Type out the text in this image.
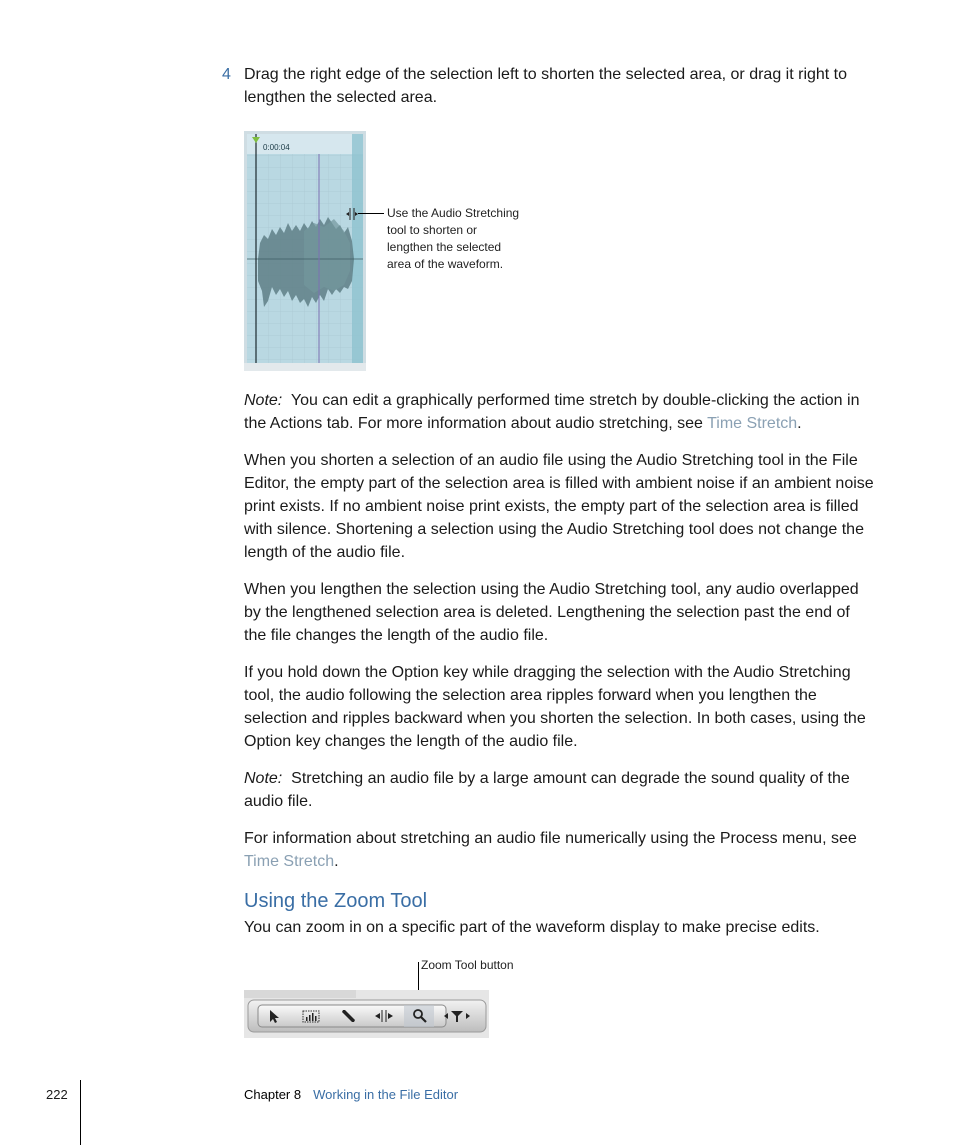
4 Drag the right edge of the selection left to shorten the selected area, or drag it right to lengthen the selected area.
0:00:04
Use the Audio Stretching
tool to shorten or
lengthen the selected
area of the waveform.

Note: You can edit a graphically performed time stretch by double-clicking the action in the Actions tab. For more information about audio stretching, see Time Stretch.

When you shorten a selection of an audio file using the Audio Stretching tool in the File Editor, the empty part of the selection area is filled with ambient noise if an ambient noise print exists. If no ambient noise print exists, the empty part of the selection area is filled with silence. Shortening a selection using the Audio Stretching tool does not change the length of the audio file.

When you lengthen the selection using the Audio Stretching tool, any audio overlapped by the lengthened selection area is deleted. Lengthening the selection past the end of the file changes the length of the audio file.

If you hold down the Option key while dragging the selection with the Audio Stretching tool, the audio following the selection area ripples forward when you lengthen the selection and ripples backward when you shorten the selection. In both cases, using the Option key changes the length of the audio file.

Note: Stretching an audio file by a large amount can degrade the sound quality of the audio file.

For information about stretching an audio file numerically using the Process menu, see Time Stretch.

Using the Zoom Tool

You can zoom in on a specific part of the waveform display to make precise edits.

Zoom Tool button
222	Chapter 8 Working in the File Editor
